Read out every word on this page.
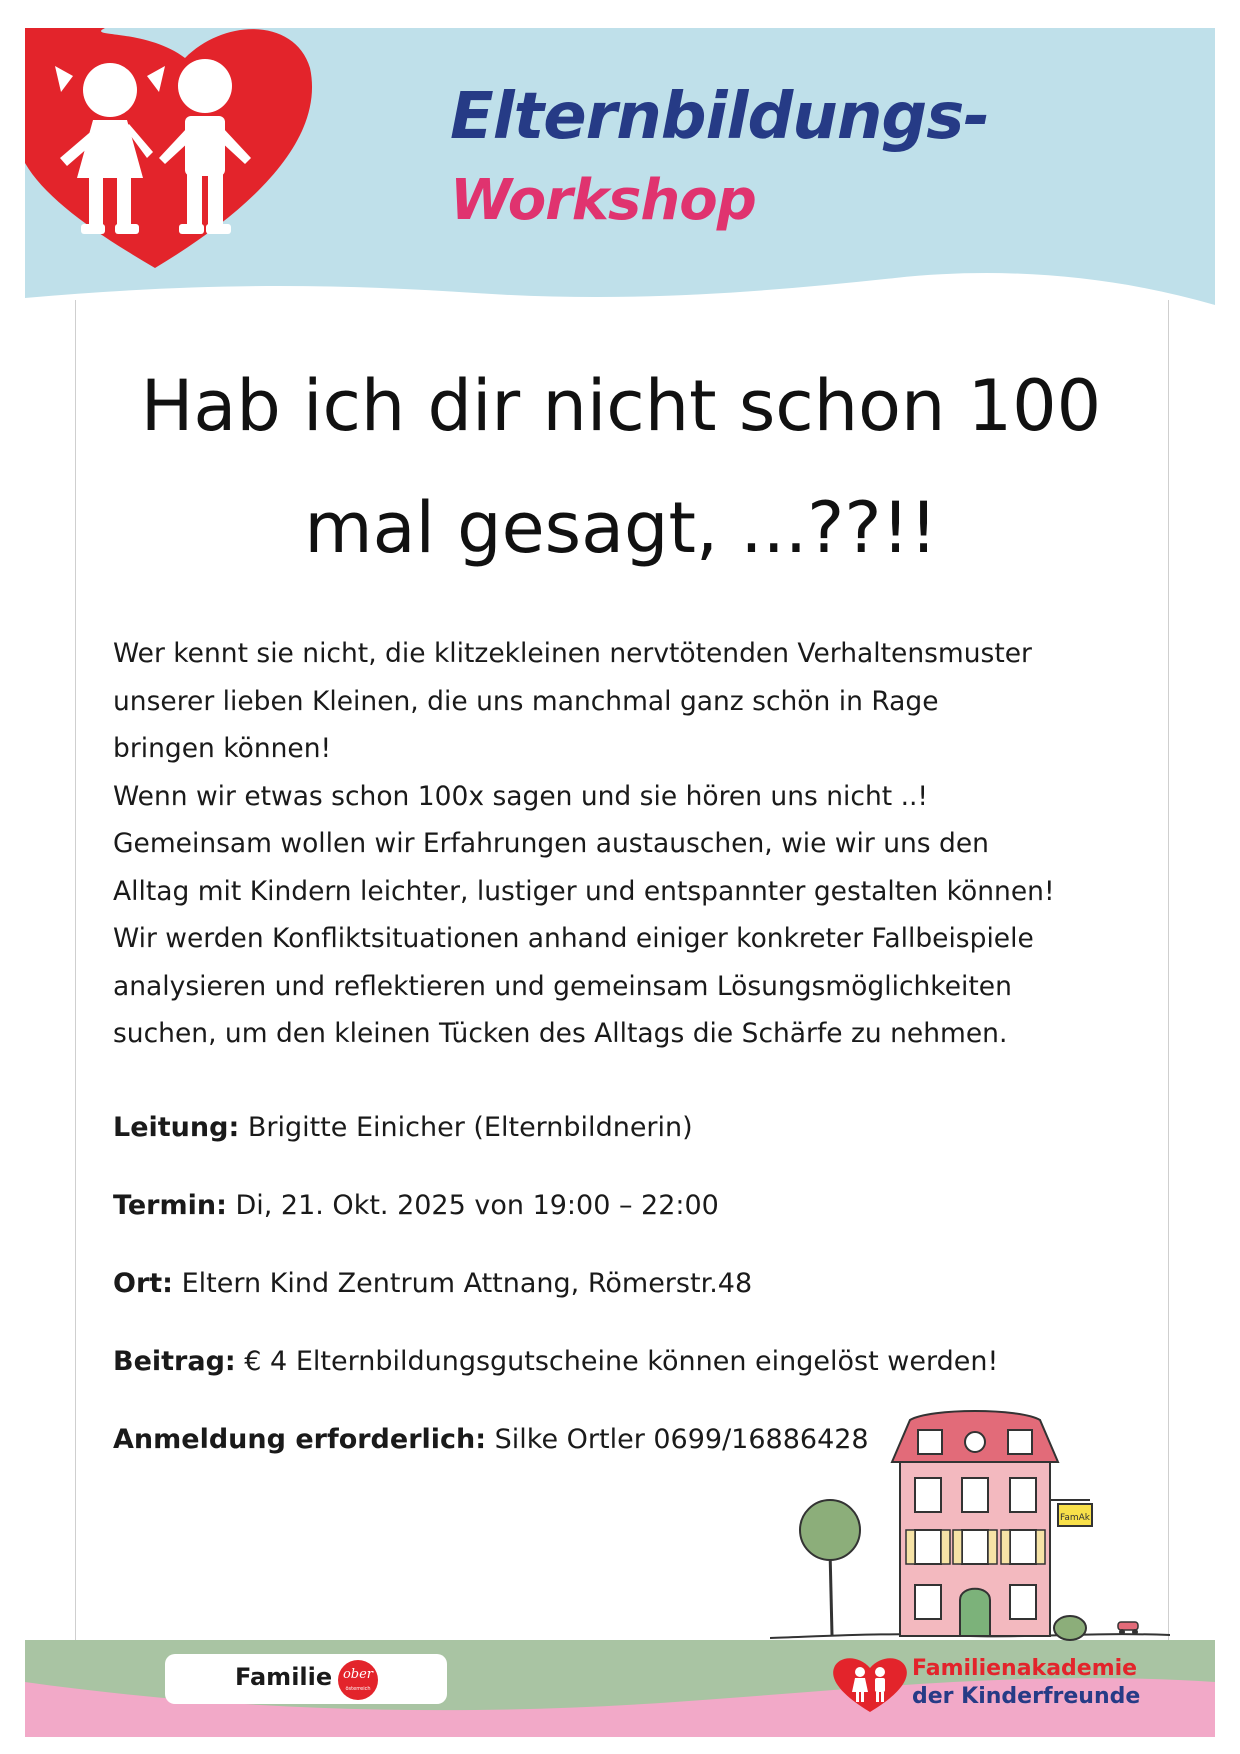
Elternbildungs-
Workshop
Hab ich dir nicht schon 100
mal gesagt, ...??!!

Wer kennt sie nicht, die klitzekleinen nervtötenden Verhaltensmuster

unserer lieben Kleinen, die uns manchmal ganz schön in Rage

bringen können!

Wenn wir etwas schon 100x sagen und sie hören uns nicht ..!

Gemeinsam wollen wir Erfahrungen austauschen, wie wir uns den

Alltag mit Kindern leichter, lustiger und entspannter gestalten können!

Wir werden Konfliktsituationen anhand einiger konkreter Fallbeispiele

analysieren und reflektieren und gemeinsam Lösungsmöglichkeiten

suchen, um den kleinen Tücken des Alltags die Schärfe zu nehmen.

Leitung: Brigitte Einicher (Elternbildnerin)
Termin: Di, 21. Okt. 2025 von 19:00 – 22:00
Ort: Eltern Kind Zentrum Attnang, Römerstr.48
Beitrag: € 4 Elternbildungsgutscheine können eingelöst werden!
Anmeldung erforderlich: Silke Ortler 0699/16886428
FamAk
Familie ober
österreich
Familienakademie
der Kinderfreunde
